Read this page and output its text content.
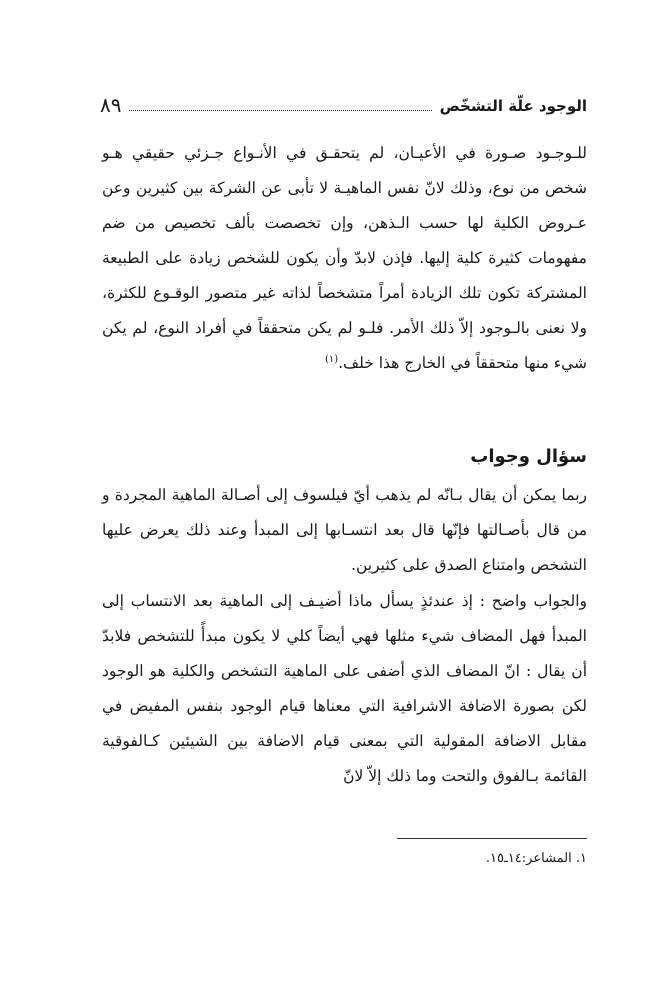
الوجود علّة التشخّص
٨٩

للـوجـود صـورة في الأعيـان، لم يتحقـق في الأنـواع جـزئي حقيقي هـو شخص من نوع، وذلك لانّ نفس الماهيـة لا تأبى عن الشركة بين كثيرين وعن عـروض الكلية لها حسب الـذهن، وإن تخصصت بألف تخصيص من ضم مفهومات كثيرة كلية إليها. فإذن لابدّ وأن يكون للشخص زيادة على الطبيعة المشتركة تكون تلك الزيادة أمراً متشخصاً لذاته غير متصور الوقـوع للكثرة، ولا نعنى بالـوجود إلاّ ذلك الأمر. فلـو لم يكن متحققاً في أفراد النوع، لم يكن شيء منها متحققاً في الخارج هذا خلف.$^{(١)}$

سؤال وجواب

ربما يمكن أن يقال بـانّه لم يذهب أيّ فيلسوف إلى أصـالة الماهية المجردة و من قال بأصـالتها فإنّها قال بعد انتسـابها إلى المبدأ وعند ذلك يعرض عليها التشخص وامتناع الصدق على كثيرين.

والجواب واضح : إذ عندئذٍ يسأل ماذا أضيـف إلى الماهية بعد الانتساب إلى المبدأ فهل المضاف شيء مثلها فهي أيضاً كلي لا يكون مبدأً للتشخص فلابدّ أن يقال : انّ المضاف الذي أضفى على الماهية التشخص والكلية هو الوجود لكن بصورة الاضافة الاشرافية التي معناها قيام الوجود بنفس المفيض في مقابل الاضافة المقولية التي بمعنى قيام الاضافة بين الشيئين كـالفوقية القائمة بـالفوق والتحت وما ذلك إلاّ لانّ

١. المشاعر:١٤ـ١٥.
